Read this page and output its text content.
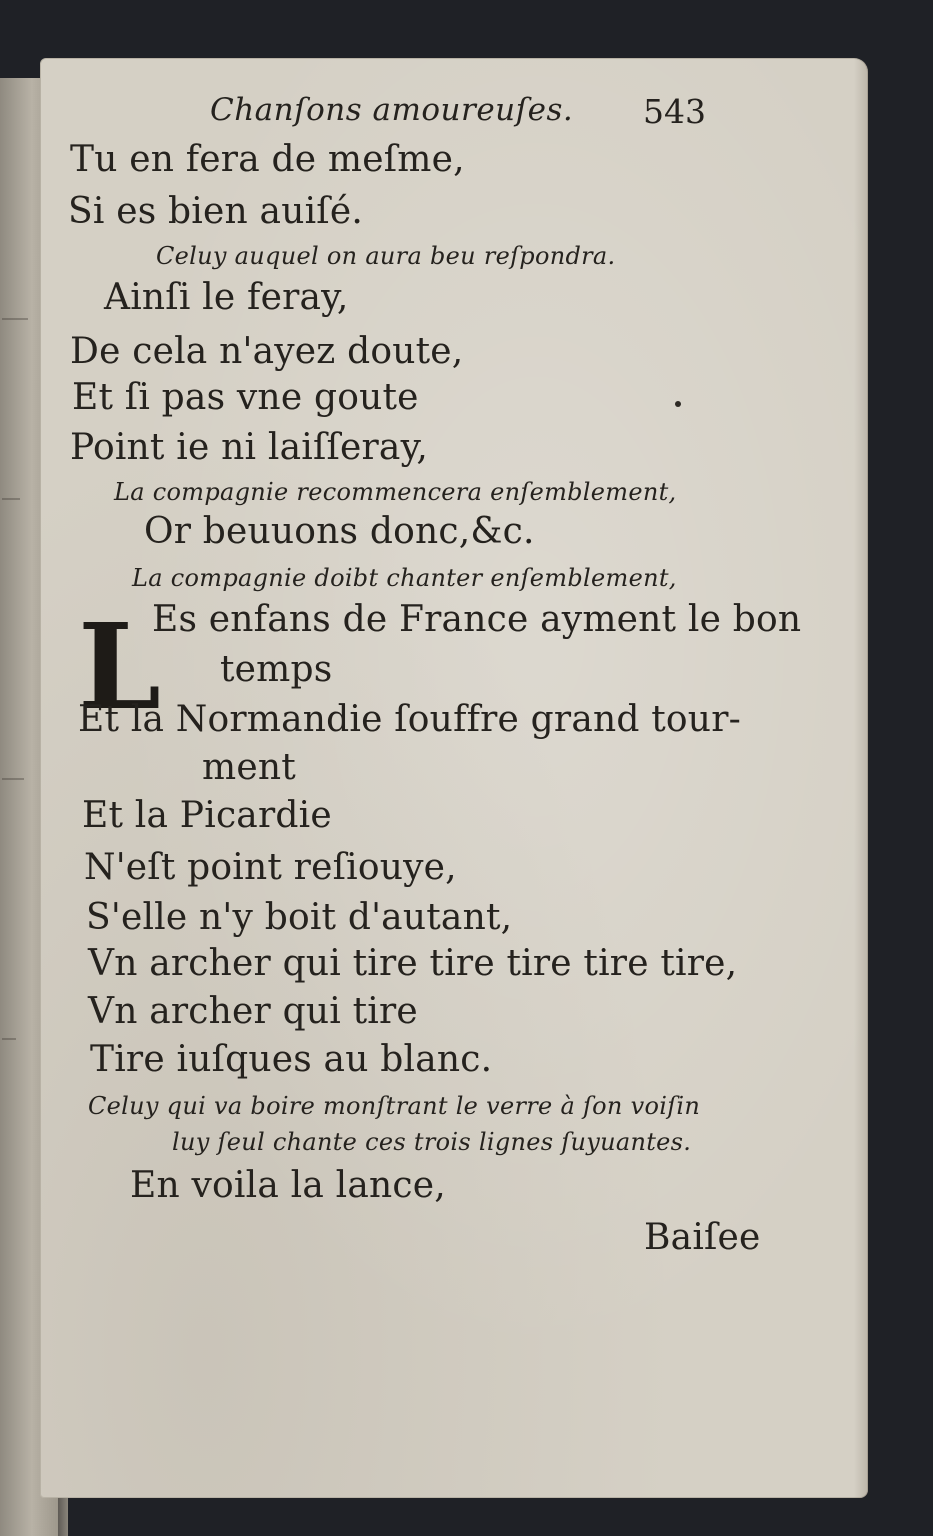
Chanſons amoureuſes. 543
Tu en fera de meſme,
Si es bien auiſé.
Celuy auquel on aura beu reſpondra.
Ainſi le feray,
De cela n'ayez doute,
Et ſi pas vne goute
Point ie ni laiſſeray,
La compagnie recommencera enſemblement,
Or beuuons donc,&c.
La compagnie doibt chanter enſemblement,
L
Es enfans de France ayment le bon
temps
Et la Normandie ſouffre grand tour-
ment
Et la Picardie
N'eſt point reſiouye,
S'elle n'y boit d'autant,
Vn archer qui tire tire tire tire tire,
Vn archer qui tire
Tire iuſques au blanc.
Celuy qui va boire monſtrant le verre à ſon voiſin
luy ſeul chante ces trois lignes ſuyuantes.
En voila la lance,
Baiſee
